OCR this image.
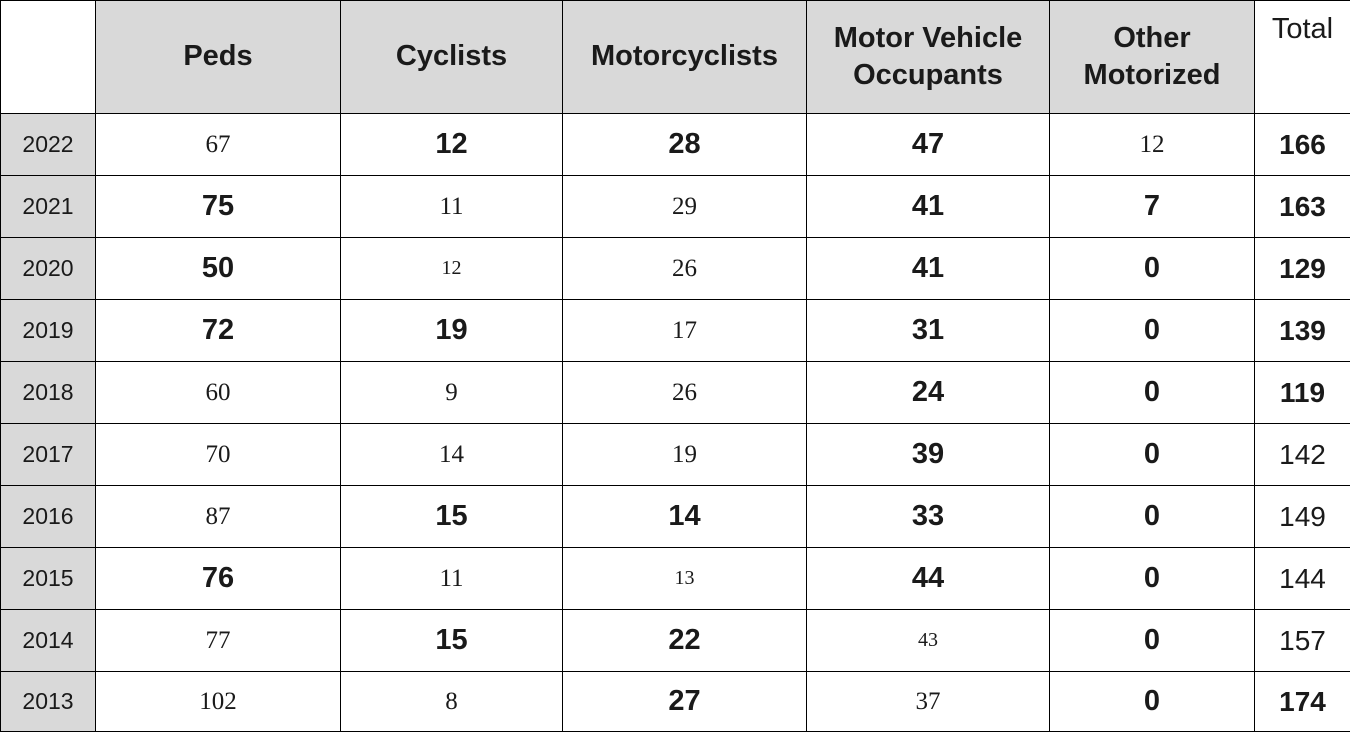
	Peds	Cyclists	Motorcyclists	Motor Vehicle Occupants	Other Motorized	Total

2022	67	12	28	47	12	166
2021	75	11	29	41	7	163
2020	50	12	26	41	0	129
2019	72	19	17	31	0	139
2018	60	9	26	24	0	119
2017	70	14	19	39	0	142
2016	87	15	14	33	0	149
2015	76	11	13	44	0	144
2014	77	15	22	43	0	157
2013	102	8	27	37	0	174
